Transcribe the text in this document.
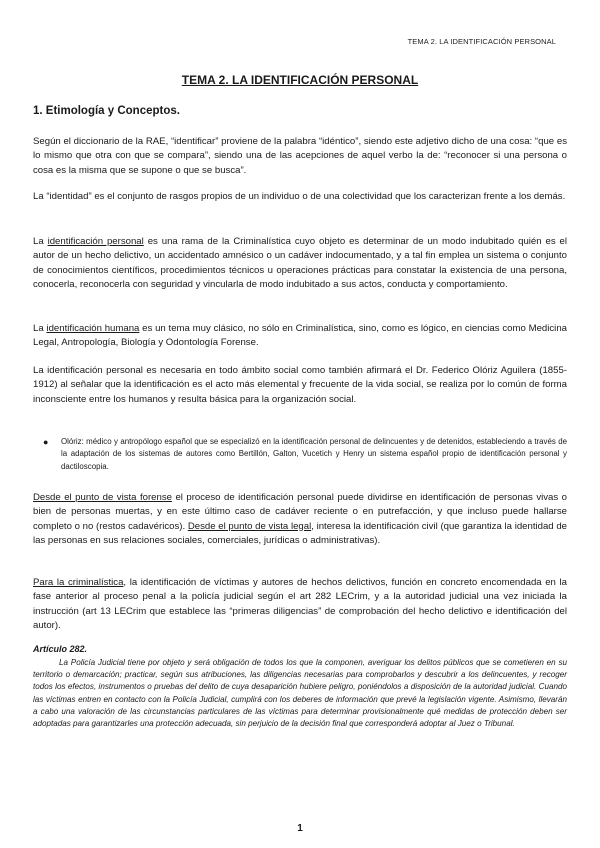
TEMA 2. LA IDENTIFICACIÓN PERSONAL
TEMA 2. LA IDENTIFICACIÓN PERSONAL
1. Etimología y Conceptos.

Según el diccionario de la RAE, “identificar” proviene de la palabra “idéntico”, siendo este adjetivo dicho de una cosa: “que es lo mismo que otra con que se compara”, siendo una de las acepciones de aquel verbo la de: “reconocer si una persona o cosa es la misma que se supone o que se busca”.

La “identidad” es el conjunto de rasgos propios de un individuo o de una colectividad que los caracterizan frente a los demás.

La identificación personal es una rama de la Criminalística cuyo objeto es determinar de un modo indubitado quién es el autor de un hecho delictivo, un accidentado amnésico o un cadáver indocumentado, y a tal fin emplea un sistema o conjunto de conocimientos científicos, procedimientos técnicos u operaciones prácticas para constatar la existencia de una persona, conocerla, reconocerla con seguridad y vincularla de modo indubitado a sus actos, conducta y comportamiento.

La identificación humana es un tema muy clásico, no sólo en Criminalística, sino, como es lógico, en ciencias como Medicina Legal, Antropología, Biología y Odontología Forense.

La identificación personal es necesaria en todo ámbito social como también afirmará el Dr. Federico Olóriz Aguilera (1855-1912) al señalar que la identificación es el acto más elemental y frecuente de la vida social, se realiza por lo común de forma inconsciente entre los humanos y resulta básica para la organización social.

● Olóriz: médico y antropólogo español que se especializó en la identificación personal de delincuentes y de detenidos, estableciendo a través de la adaptación de los sistemas de autores como Bertillón, Galton, Vucetich y Henry un sistema español propio de identificación personal y dactiloscopia.

Desde el punto de vista forense el proceso de identificación personal puede dividirse en identificación de personas vivas o bien de personas muertas, y en este último caso de cadáver reciente o en putrefacción, y que incluso puede hallarse completo o no (restos cadavéricos). Desde el punto de vista legal, interesa la identificación civil (que garantiza la identidad de las personas en sus relaciones sociales, comerciales, jurídicas o administrativas).

Para la criminalística, la identificación de víctimas y autores de hechos delictivos, función en concreto encomendada en la fase anterior al proceso penal a la policía judicial según el art 282 LECrim, y a la autoridad judicial una vez iniciada la instrucción (art 13 LECrim que establece las “primeras diligencias” de comprobación del hecho delictivo e identificación del autor).

Artículo 282.

La Policía Judicial tiene por objeto y será obligación de todos los que la componen, averiguar los delitos públicos que se cometieren en su territorio o demarcación; practicar, según sus atribuciones, las diligencias necesarias para comprobarlos y descubrir a los delincuentes, y recoger todos los efectos, instrumentos o pruebas del delito de cuya desaparición hubiere peligro, poniéndolos a disposición de la autoridad judicial. Cuando las víctimas entren en contacto con la Policía Judicial, cumplirá con los deberes de información que prevé la legislación vigente. Asimismo, llevarán a cabo una valoración de las circunstancias particulares de las víctimas para determinar provisionalmente qué medidas de protección deben ser adoptadas para garantizarles una protección adecuada, sin perjuicio de la decisión final que corresponderá adoptar al Juez o Tribunal.

1
